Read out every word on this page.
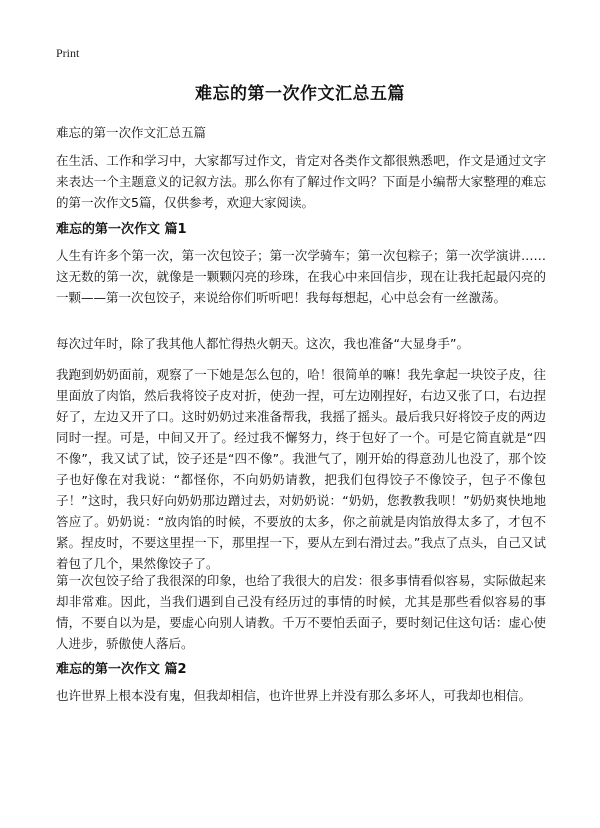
Print
难忘的第一次作文汇总五篇

难忘的第一次作文汇总五篇

在生活、工作和学习中，大家都写过作文，肯定对各类作文都很熟悉吧，作文是通过文字来表达一个主题意义的记叙方法。那么你有了解过作文吗？下面是小编帮大家整理的难忘的第一次作文5篇，仅供参考，欢迎大家阅读。

难忘的第一次作文 篇1

人生有许多个第一次，第一次包饺子；第一次学骑车；第一次包粽子；第一次学演讲……这无数的第一次，就像是一颗颗闪亮的珍珠，在我心中来回信步，现在让我托起最闪亮的一颗——第一次包饺子，来说给你们听听吧！我每每想起，心中总会有一丝激荡。

每次过年时，除了我其他人都忙得热火朝天。这次，我也准备“大显身手”。

我跑到奶奶面前，观察了一下她是怎么包的，哈！很简单的嘛！我先拿起一块饺子皮，往里面放了肉馅，然后我将饺子皮对折，使劲一捏，可左边刚捏好，右边又张了口，右边捏好了，左边又开了口。这时奶奶过来准备帮我，我摇了摇头。最后我只好将饺子皮的两边同时一捏。可是，中间又开了。经过我不懈努力，终于包好了一个。可是它简直就是“四不像”，我又试了试，饺子还是“四不像”。我泄气了，刚开始的得意劲儿也没了，那个饺子也好像在对我说：“都怪你，不向奶奶请教，把我们包得饺子不像饺子，包子不像包子！”这时，我只好向奶奶那边蹭过去，对奶奶说：“奶奶，您教教我呗！”奶奶爽快地地答应了。奶奶说：“放肉馅的时候，不要放的太多，你之前就是肉馅放得太多了，才包不紧。捏皮时，不要这里捏一下，那里捏一下，要从左到右滑过去。”我点了点头，自己又试着包了几个，果然像饺子了。

第一次包饺子给了我很深的印象，也给了我很大的启发：很多事情看似容易，实际做起来却非常难。因此，当我们遇到自己没有经历过的事情的时候，尤其是那些看似容易的事情，不要自以为是，要虚心向别人请教。千万不要怕丢面子，要时刻记住这句话：虚心使人进步，骄傲使人落后。

难忘的第一次作文 篇2

也许世界上根本没有鬼，但我却相信，也许世界上并没有那么多坏人，可我却也相信。
